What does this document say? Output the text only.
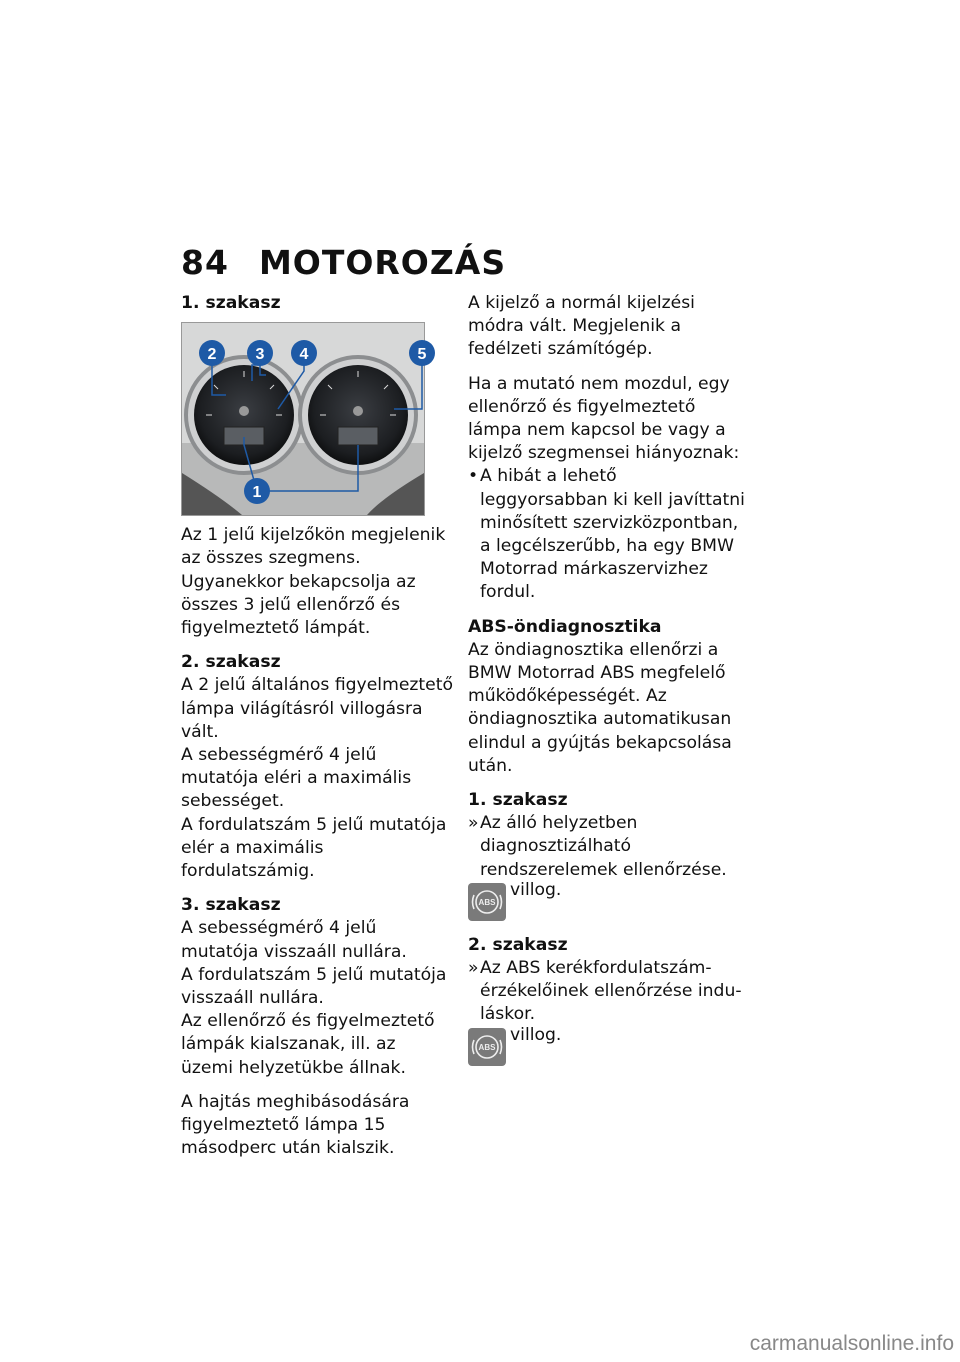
84 MOTOROZÁS

1. szakasz

2 3 4	5
1

Az 1 jelű kijelzőkön megjelenik az összes szegmens. Ugyanekkor bekapcsolja az összes 3 jelű ellenőrző és figyelmeztető lámpát.

2. szakasz

A 2 jelű általános figyelmeztető lámpa világításról villogásra vált.

A sebességmérő 4 jelű mutatója eléri a maximális sebességet.

A fordulatszám 5 jelű mutatója elér a maximális fordulatszámig.

3. szakasz

A sebességmérő 4 jelű mutatója visszaáll nullára.

A fordulatszám 5 jelű mutatója visszaáll nullára.

Az ellenőrző és figyelmeztető lámpák kialszanak, ill. az üzemi helyzetükbe állnak.

A hajtás meghibásodására figyelmeztető lámpa 15 másodperc után kialszik.

A kijelző a normál kijelzési módra vált. Megjelenik a fedélzeti számítógép.

Ha a mutató nem mozdul, egy ellenőrző és figyelmeztető lámpa nem kapcsol be vagy a kijelző szegmensei hiányoznak:

• A hibát a lehető leggyorsabban ki kell javíttatni minősített szervizközpontban, a legcélszerűbb, ha egy BMW Motorrad márkaszervizhez fordul.

ABS-öndiagnosztika

Az öndiagnosztika ellenőrzi a BMW Motorrad ABS megfelelő működőképességét. Az öndiagnosztika automatikusan elindul a gyújtás bekapcsolása után.

1. szakasz

» Az álló helyzetben diagnosztizálható rendszerelemek ellenőrzése.
ABS
villog.

2. szakasz

» Az ABS kerékfordulatszám-érzékelőinek ellenőrzése induláskor.
ABS
villog.
carmanualsonline.info
